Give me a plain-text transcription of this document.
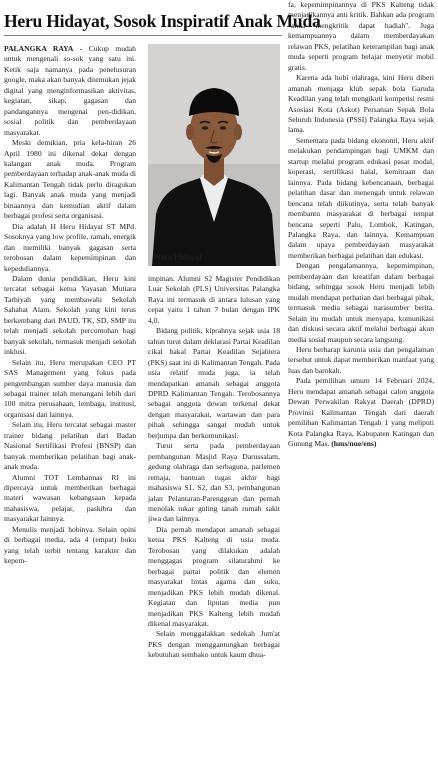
Heru Hidayat, Sosok Inspiratif Anak Muda

PALANGKA RAYA - Cukup mudah untuk mengenali so-sok yang satu ini. Ketik saja namanya pada penelusuran google, maka akan banyak ditemukan jejak digital yang menginformasikan aktivitas, kegiatan, sikap, gagasan dan pandangannya mengenai pen-didikan, sosial politik dan pemberdayaan masyarakat.

Meski demikian, pria kela-hiran 26 April 1980 ini dikenal dekat dengan kalangan anak muda. Program pemberdayaan terhadap anak-anak muda di Kalimantan Tengah tidak perlu diragukan lagi. Banyak anak muda yang menjadi binaannya dan kemudian aktif dalam berbagai profesi serta organisasi.

Dia adalah H Heru Hidayat ST MPd. Sosoknya yang low profile, ramah, energik dan memiliki banyak gagasan serta terobosan dalam kepemimpinan dan kepeduliannya.

Dalam dunia pendidikan, Heru kini tercatat sebagai ketua Yayasan Mutiara Tarbiyah yang membawahi Sekolah Sahabat Alam. Sekolah yang kini terus berkembang dari PAUD, TK, SD, SMP itu telah menjadi sekolah percontohan bagi banyak sekolah, termasuk menjadi sekolah inklusi.

Selain itu, Heru merupakan CEO PT SAS Management yang fokus pada pengembangan sumber daya manusia dan sebagai trainer telah menangani lebih dari 100 mitra perusahaan, lembaga, institusi, organisasi dan lainnya.

Selain itu, Heru tercatat sebagai master trainer bidang pelatihan dari Badan Nasional Sertifikasi Profesi (BNSP) dan banyak memberikan pelatihan bagi anak-anak muda.

Alumni TOT Lemhannas RI ini dipercaya untuk memberikan berbagai materi wawasan kebangsaan kepada mahasiswa, pelajar, paskibra dan masyarakat lainnya.

Menulis menjadi hobinya. Selain opini di berbagai media, ada 4 (empat) buku yang telah terbit tentang karakter dan kepem-

Heru Hidayat

impinan. Alumni S2 Magister Pendidikan Luar Sekolah (PLS) Universitas Palangka Raya ini termasuk di antara lulusan yang cepat yaitu 1 tahun 7 bulan dengan IPK 4,0.

Bidang politik, kiprahnya sejak usia 18 tahun turut dalam deklarasi Partai Keadilan cikal bakal Partai Keadilan Sejahtera (PKS) saat ini di Kalimantan Tengah. Pada usia relatif muda juga, ia telah mendapatkan amanah sebagai anggota DPRD Kalimantan Tengah. Terobosannya sebagai anggota dewan terkenal dekat dengan masyarakat, wartawan dan para pihak sehingga sangat mudah untuk berjumpa dan berkomunikasi.

Turut serta pada pemberdayaan pembangunan Masjid Raya Darussalam, gedung olahraga dan serbaguna, parlemen remaja, bantuan tugas akhir bagi mahasiswa S1, S2, dan S3, pembangunan jalan Pelantaran-Parenggean dan pernah menolak tukar guling tanah rumah sakit jiwa dan lainnya.

Dia pernah mendapat amanah sebagai ketua PKS Kalteng di usia muda. Terobosan yang dilakukan adalah menggagas program silaturahmi ke berbagai partai politik dan elemen masyarakat lintas agama dan suku, menjadikan PKS lebih mudah dikenal. Kegiatan dan liputan media pun menjadikan PKS Kalteng lebih mudah dikenal masyarakat.

Selain menggalakkan sedekah Jum'at PKS dengan menggantungkan berbagai kebutuhan sembako untuk kaum dhua-

fa, kepemimpinannya di PKS Kalteng tidak menjadikannya anti kritik. Bahkan ada program "anda mengkritik dapat hadiah". Juga kemampuannya dalam memberdayakan relawan PKS, pelatihan keterampilan bagi anak muda seperti program belajar menyetir mobil gratis.

Karena ada hobi olahraga, kini Heru diberi amanah menjaga klub sepak bola Garuda Keadilan yang telah mengikuti kompetisi resmi Asosiasi Kota (Askot) Persatuan Sepak Bola Seluruh Indonesia (PSSI) Palangka Raya sejak lama.

Sementara pada bidang ekonomi, Heru aktif melakukan pendampingan bagi UMKM dan startup melalui program edukasi pasar modal, koperasi, sertifikasi halal, kemitraan dan lainnya. Pada bidang kebencanaan, berbagai pelatihan dasar dan menengah untuk relawan bencana telah diikutinya, serta telah banyak membantu masyarakat di berbagai tempat bencana seperti Palu, Lombok, Katingan, Palangka Raya, dan lainnya. Kemampuan dalam upaya pemberdayaan masyarakat memberikan berbagai pelatihan dan edukasi.

Dengan pengalamannya, kepemimpinan, pemberdayaan dan kreatifan dalam berbagai bidang, sehingga sosok Heru menjadi lebih mudah mendapat perhatian dari berbagai pihak, termasuk media sebagai narasumber berita. Selain itu mudah untuk menyapa, komunikasi dan diskusi secara aktif melalui berbagai akun media sosial maupun secara langsung.

Heru berharap karunia usia dan pengalaman tersebut untuk dapat memberikan manfaat yang luas dan barokah.

Pada pemilihan umum 14 Februari 2024, Heru mendapat amanah sebagai calon anggota Dewan Perwakilan Rakyat Daerah (DPRD) Provinsi Kalimantan Tengah dari daerah pemilihan Kalimantan Tengah 1 yang meliputi Kota Palangka Raya, Kabupaten Katingan dan Gunung Mas. (hms/nue/ens)
